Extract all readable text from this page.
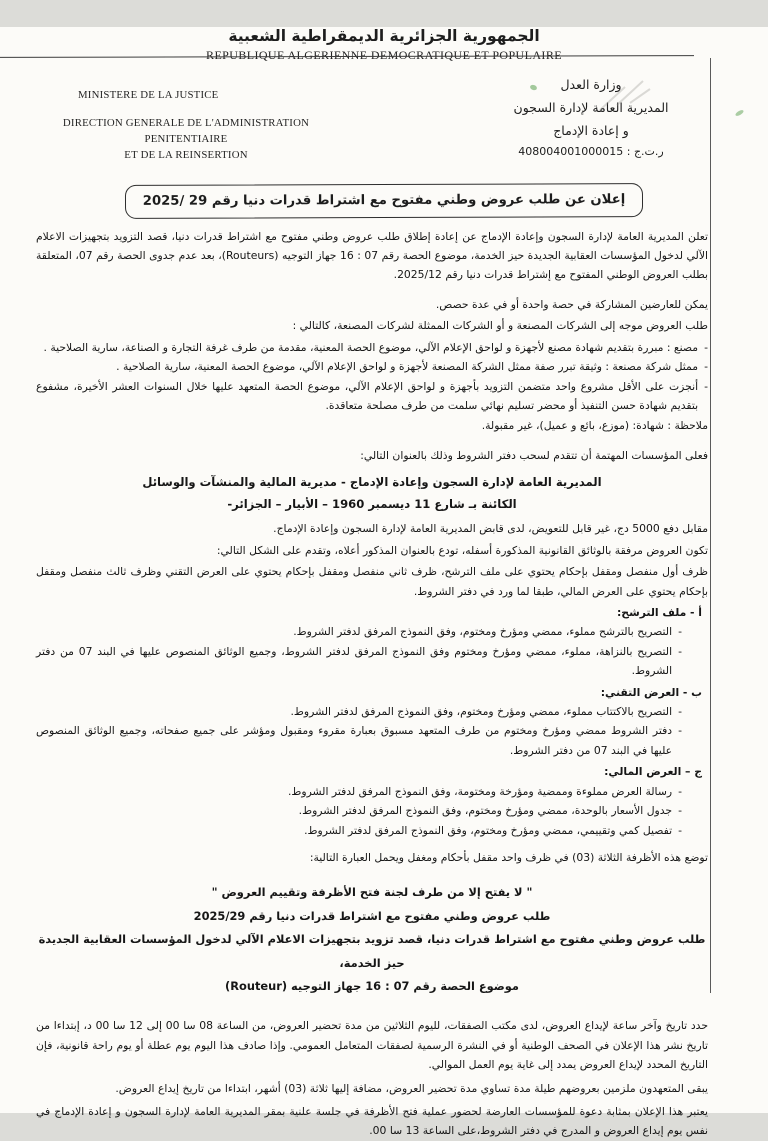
الجمهورية الجزائرية الديمقراطية الشعبية
REPUBLIQUE ALGERIENNE DEMOCRATIQUE ET POPULAIRE
MINISTERE DE LA JUSTICE
DIRECTION GENERALE DE L'ADMINISTRATION PENITENTIAIRE
ET DE LA REINSERTION
وزارة العدل
المديرية العامة لإدارة السجون
و إعادة الإدماج
ر.ت.ج : 408004001000015
إعلان عن طلب عروض وطني مفتوح مع اشتراط قدرات دنيا رقم 29 /2025

تعلن المديرية العامة لإدارة السجون وإعادة الإدماج عن إعادة إطلاق طلب عروض وطني مفتوح مع اشتراط قدرات دنيا، قصد التزويد بتجهيزات الاعلام الآلي لدخول المؤسسات العقابية الجديدة حيز الخدمة، موضوع الحصة رقم 07 : 16 جهاز التوجيه (Routeurs)، بعد عدم جدوى الحصة رقم 07، المتعلقة بطلب العروض الوطني المفتوح مع إشتراط قدرات دنيا رقم 2025/12.

يمكن للعارضين المشاركة في حصة واحدة أو في عدة حصص.

طلب العروض موجه إلى الشركات المصنعة و أو الشركات الممثلة لشركات المصنعة، كالتالي :

-
مصنع : مبررة بتقديم شهادة مصنع لأجهزة و لواحق الإعلام الآلي، موضوع الحصة المعنية، مقدمة من طرف غرفة التجارة و الصناعة، سارية الصلاحية .
-
ممثل شركة مصنعة : وثيقة تبرر صفة ممثل الشركة المصنعة لأجهزة و لواحق الإعلام الآلي، موضوع الحصة المعنية، سارية الصلاحية .
-
أنجزت على الأقل مشروع واحد متضمن التزويد بأجهزة و لواحق الإعلام الآلي، موضوع الحصة المتعهد عليها خلال السنوات العشر الأخيرة، مشفوع بتقديم شهادة حسن التنفيذ أو محضر تسليم نهائي سلمت من طرف مصلحة متعاقدة.

ملاحظة : شهادة: (موزع، بائع و عميل)، غير مقبولة.

فعلى المؤسسات المهتمة أن تتقدم لسحب دفتر الشروط وذلك بالعنوان التالي:

المديرية العامة لإدارة السجون وإعادة الإدماج - مديرية المالية والمنشآت والوسائل
الكائنة بـ شارع 11 ديسمبر 1960 – الأبيار – الجزائر-

مقابل دفع 5000 دج، غير قابل للتعويض، لدى قابض المديرية العامة لإدارة السجون وإعادة الإدماج.

تكون العروض مرفقة بالوثائق القانونية المذكورة أسفله، تودع بالعنوان المذكور أعلاه، وتقدم على الشكل التالي:

ظرف أول منفصل ومقفل بإحكام يحتوي على ملف الترشح، ظرف ثاني منفصل ومقفل بإحكام يحتوي على العرض التقني وظرف ثالث منفصل ومقفل بإحكام يحتوي على العرض المالي، طبقا لما ورد في دفتر الشروط.

أ - ملف الترشح:
-
التصريح بالترشح مملوء، ممضي ومؤرخ ومختوم، وفق النموذج المرفق لدفتر الشروط.
-
التصريح بالنزاهة، مملوء، ممضي ومؤرخ ومختوم وفق النموذج المرفق لدفتر الشروط، وجميع الوثائق المنصوص عليها في البند 07 من دفتر الشروط.
ب - العرض التقني:
-
التصريح بالاكتتاب مملوء، ممضي ومؤرخ ومختوم، وفق النموذج المرفق لدفتر الشروط.
-
دفتر الشروط ممضي ومؤرخ ومختوم من طرف المتعهد مسبوق بعبارة مقروء ومقبول ومؤشر على جميع صفحاته، وجميع الوثائق المنصوص عليها في البند 07 من دفتر الشروط.
ج – العرض المالي:
-
رسالة العرض مملوءة وممضية ومؤرخة ومختومة، وفق النموذج المرفق لدفتر الشروط.
-
جدول الأسعار بالوحدة، ممضي ومؤرخ ومختوم، وفق النموذج المرفق لدفتر الشروط.
-
تفصيل كمي وتقييمي، ممضي ومؤرخ ومختوم، وفق النموذج المرفق لدفتر الشروط.

توضع هذه الأظرفة الثلاثة (03) في ظرف واحد مقفل بأحكام ومغفل ويحمل العبارة التالية:

" لا يفتح إلا من طرف لجنة فتح الأظرفة وتقييم العروض "
طلب عروض وطني مفتوح مع اشتراط قدرات دنيا رقم 2025/29
طلب عروض وطني مفتوح مع اشتراط قدرات دنيا، قصد تزويد بتجهيزات الاعلام الآلي لدخول المؤسسات العقابية الجديدة حيز الخدمة،
موضوع الحصة رقم 07 : 16 جهاز التوجيه (Routeur)

حدد تاريخ وآخر ساعة لإيداع العروض، لدى مكتب الصفقات، لليوم الثلاثين من مدة تحضير العروض، من الساعة 08 سا 00 إلى 12 سا 00 د، إبتداءا من تاريخ نشر هذا الإعلان في الصحف الوطنية أو في النشرة الرسمية لصفقات المتعامل العمومي. وإذا صادف هذا اليوم يوم عطلة أو يوم راحة قانونية، فإن التاريخ المحدد لإيداع العروض يمدد إلى غاية يوم العمل الموالي.

يبقى المتعهدون ملزمين بعروضهم طيلة مدة تساوي مدة تحضير العروض، مضافة إليها ثلاثة (03) أشهر، ابتداءا من تاريخ إيداع العروض.

يعتبر هذا الإعلان بمثابة دعوة للمؤسسات العارضة لحضور عملية فتح الأظرفة في جلسة علنية بمقر المديرية العامة لإدارة السجون و إعادة الإدماج في نفس يوم إيداع العروض و المدرج في دفتر الشروط،على الساعة 13 سا 00.
